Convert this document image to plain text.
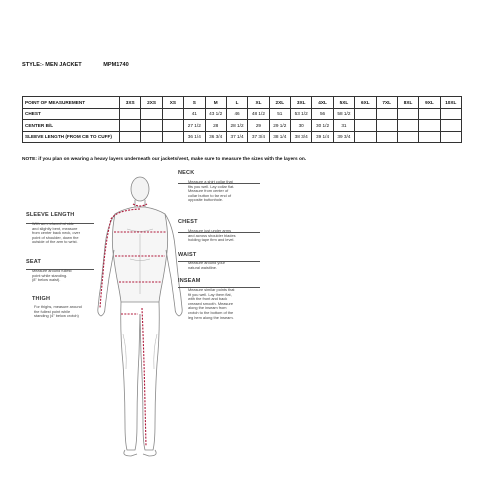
STYLE:- MEN JACKET	MPM1740
POINT OF MEASUREMENT	3XS	2XS	XS	S	M	L	XL	2XL	3XL	4XL	5XL	6XL	7XL	8XL	9XL	10XL
CHEST				41	43 1/2	46	48 1/2	51	53 1/2	56	58 1/2					
CENTER B/L				27 1/2	28	28 1/2	29	29 1/2	30	30 1/2	31					
SLEEVE LENGTH (FROM CB TO CUFF)				36 1/4	36 3/4	37 1/4	37 3/4	38 1/4	38 3/4	39 1/4	39 3/4					
NOTE: if you plan on wearing a heavy layers underneath our jackets/vest, make sure to measure the sizes with the layers on.
NECK
Measure a shirt collar that
fits you well. Lay collar flat.
Measure from center of
collar button to far end of
opposite buttonhole.
CHEST
Measure just under arms
and across shoulder blades
holding tape firm and level.
WAIST
Measure around your
natural waistline.
INSEAM
Measure similar points that
fit you well. Lay them flat,
with the front and back
creased smooth. Measure
along the inseam from
crotch to the bottom of the
leg hem along the inseam.
SLEEVE LENGTH
With arm relaxed at side
and slightly bent, measure
from center back neck, over
point of shoulder, down the
outside of the arm to wrist.
SEAT
Measure around fullest
point while standing.
(8" below waist).
THIGH
For thighs, measure around
the fullest point while
standing (4" below crotch)
